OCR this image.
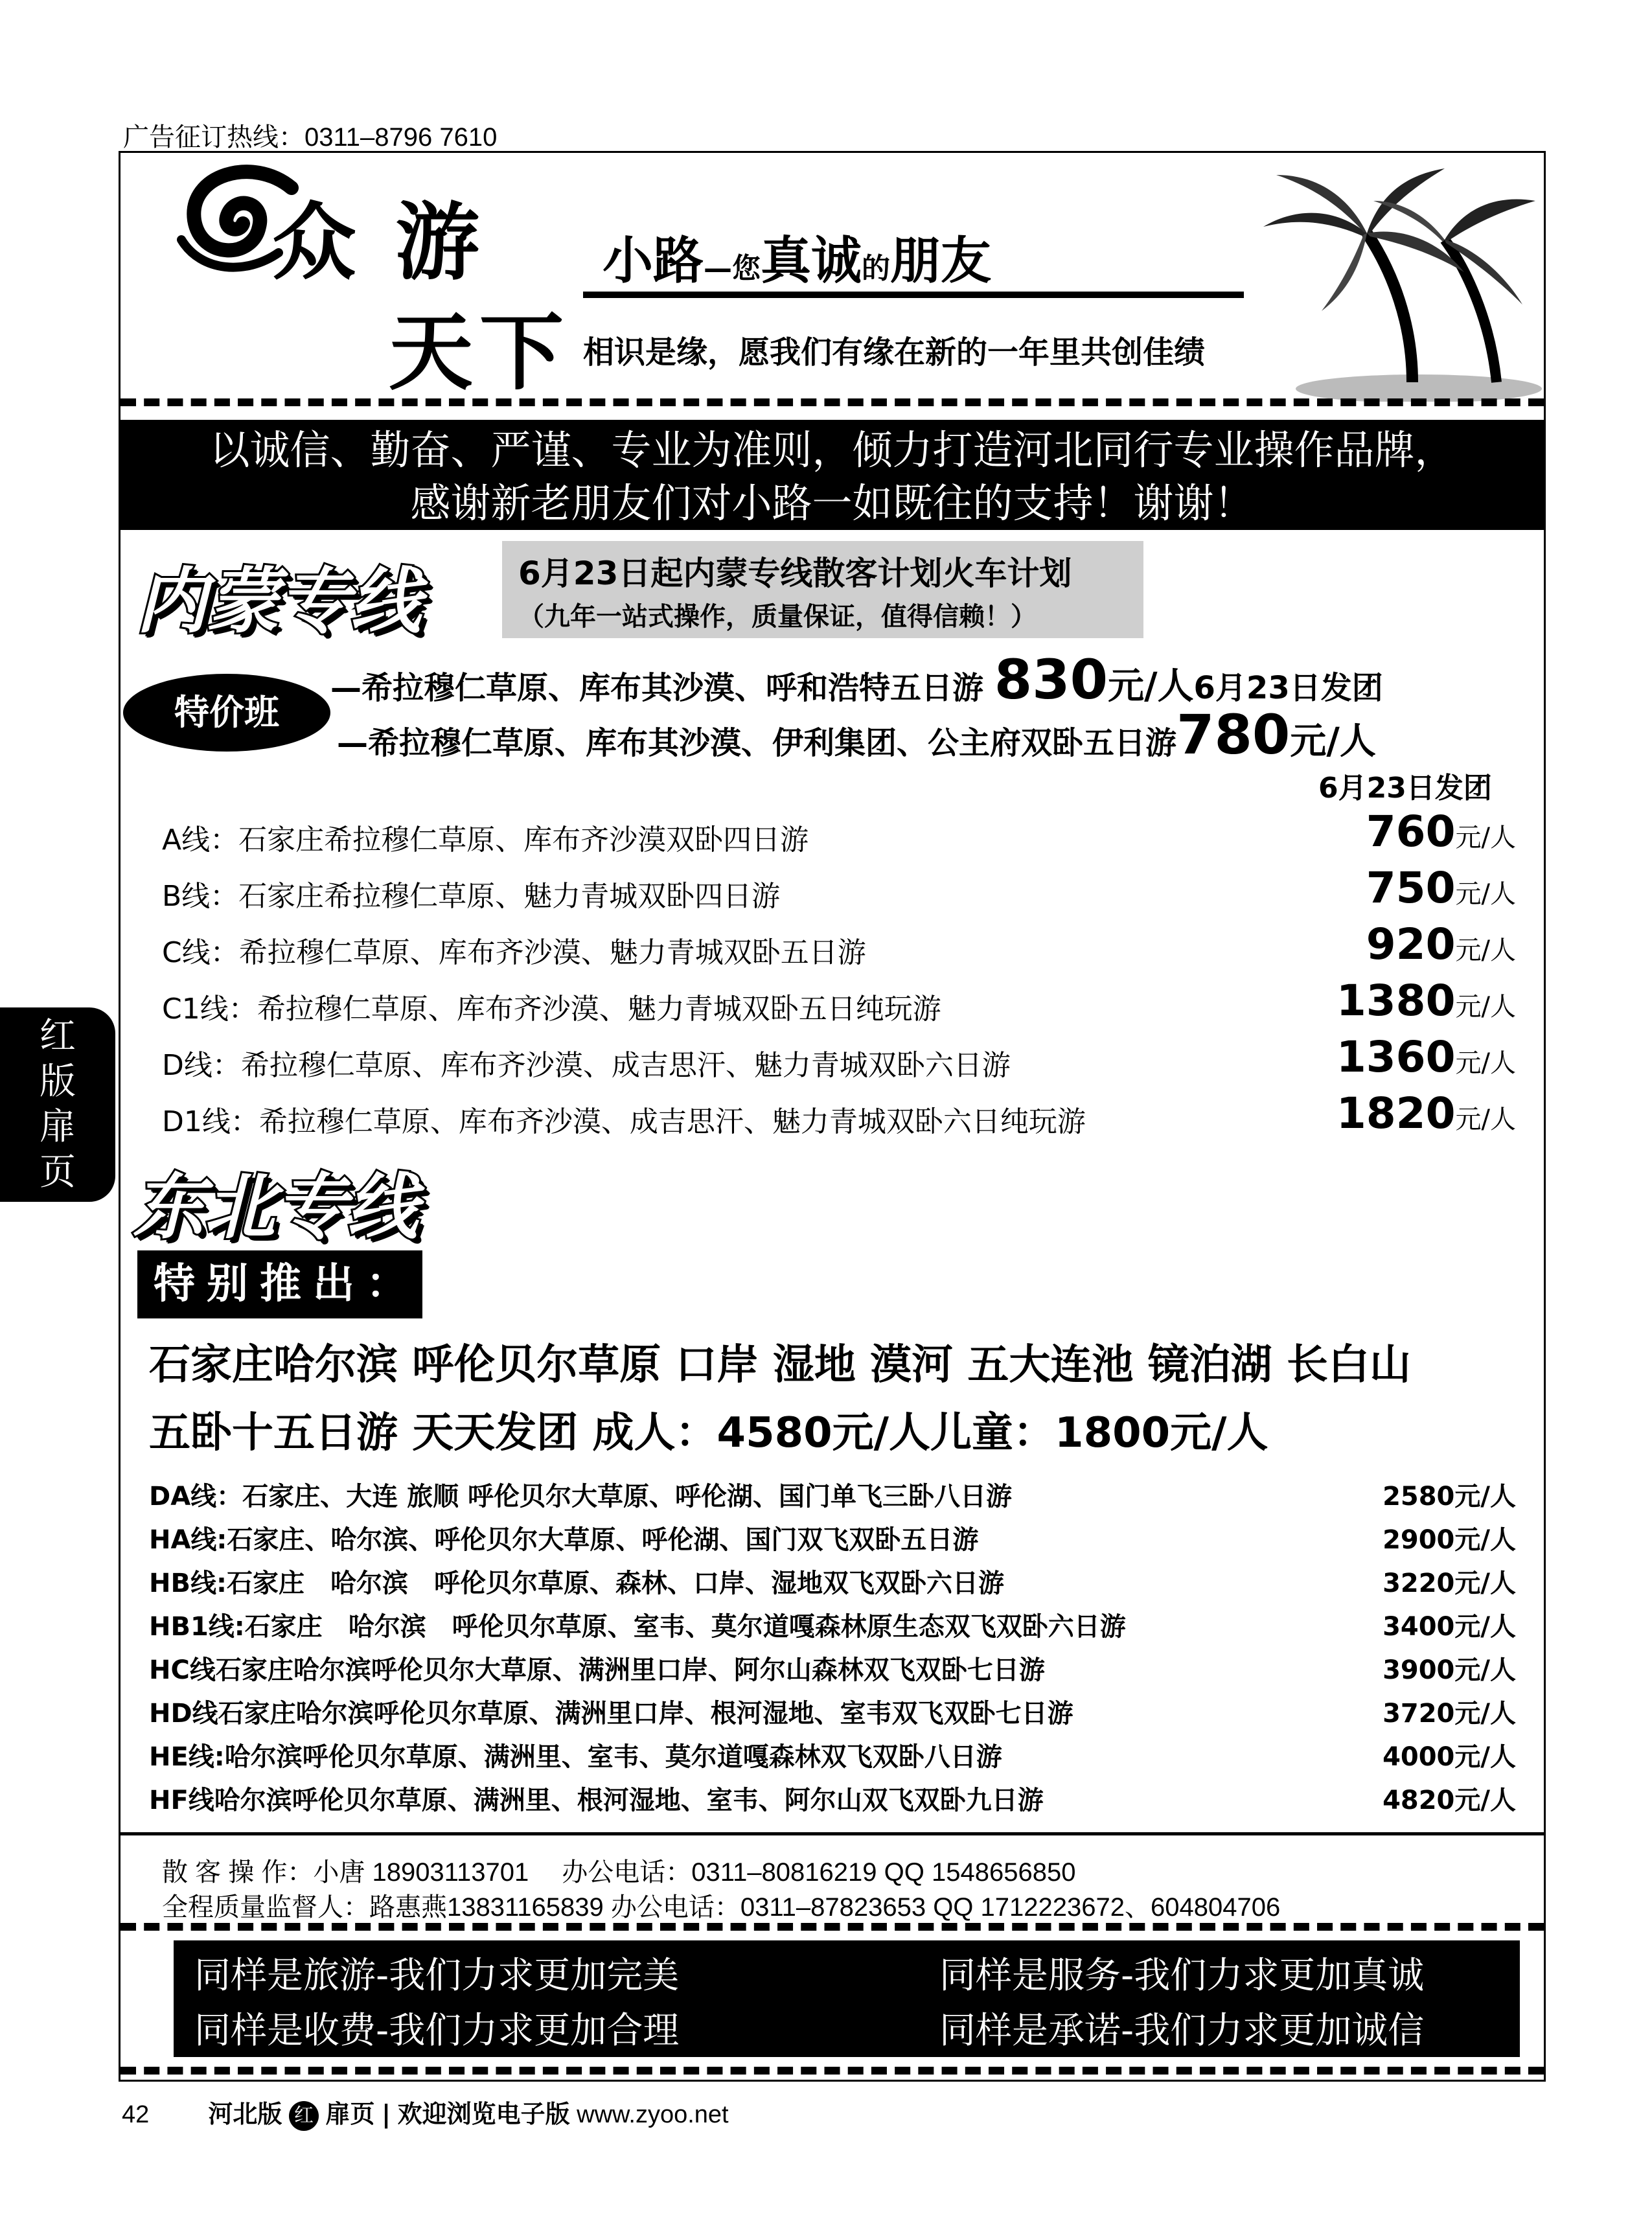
广告征订热线：0311–8796 7610
红
版
扉
页
众游
天下
小路—您真诚的朋友
相识是缘，愿我们有缘在新的一年里共创佳绩
以诚信、勤奋、严谨、专业为准则，倾力打造河北同行专业操作品牌，
感谢新老朋友们对小路一如既往的支持！谢谢！
内蒙专线	6月23日起内蒙专线散客计划火车计划
（九年一站式操作，质量保证，值得信赖！）
特价班
—希拉穆仁草原、库布其沙漠、呼和浩特五日游 830元/人6月23日发团
—希拉穆仁草原、库布其沙漠、伊利集团、公主府双卧五日游780元/人
6月23日发团
A线：石家庄希拉穆仁草原、库布齐沙漠双卧四日游	760元/人
B线：石家庄希拉穆仁草原、魅力青城双卧四日游	750元/人
C线：希拉穆仁草原、库布齐沙漠、魅力青城双卧五日游	920元/人
C1线：希拉穆仁草原、库布齐沙漠、魅力青城双卧五日纯玩游	1380元/人
D线：希拉穆仁草原、库布齐沙漠、成吉思汗、魅力青城双卧六日游	1360元/人
D1线：希拉穆仁草原、库布齐沙漠、成吉思汗、魅力青城双卧六日纯玩游	1820元/人
东北专线
特别推出：
石家庄哈尔滨 呼伦贝尔草原 口岸 湿地 漠河 五大连池 镜泊湖 长白山
五卧十五日游 天天发团 成人：4580元/人儿童：1800元/人
DA线：石家庄、大连 旅顺 呼伦贝尔大草原、呼伦湖、国门单飞三卧八日游	2580元/人
HA线:石家庄、哈尔滨、呼伦贝尔大草原、呼伦湖、国门双飞双卧五日游	2900元/人
HB线:石家庄　哈尔滨　呼伦贝尔草原、森林、口岸、湿地双飞双卧六日游	3220元/人
HB1线:石家庄　哈尔滨　呼伦贝尔草原、室韦、莫尔道嘎森林原生态双飞双卧六日游	3400元/人
HC线石家庄哈尔滨呼伦贝尔大草原、满洲里口岸、阿尔山森林双飞双卧七日游	3900元/人
HD线石家庄哈尔滨呼伦贝尔草原、满洲里口岸、根河湿地、室韦双飞双卧七日游	3720元/人
HE线:哈尔滨呼伦贝尔草原、满洲里、室韦、莫尔道嘎森林双飞双卧八日游	4000元/人
HF线哈尔滨呼伦贝尔草原、满洲里、根河湿地、室韦、阿尔山双飞双卧九日游	4820元/人
散 客 操 作：小唐 18903113701　 办公电话：0311–80816219 QQ 1548656850
全程质量监督人：路惠燕13831165839 办公电话：0311–87823653 QQ 1712223672、604804706
同样是旅游-我们力求更加完美
同样是收费-我们力求更加合理
同样是服务-我们力求更加真诚
同样是承诺-我们力求更加诚信
42 河北版 红 扉页 | 欢迎浏览电子版 www.zyoo.net
